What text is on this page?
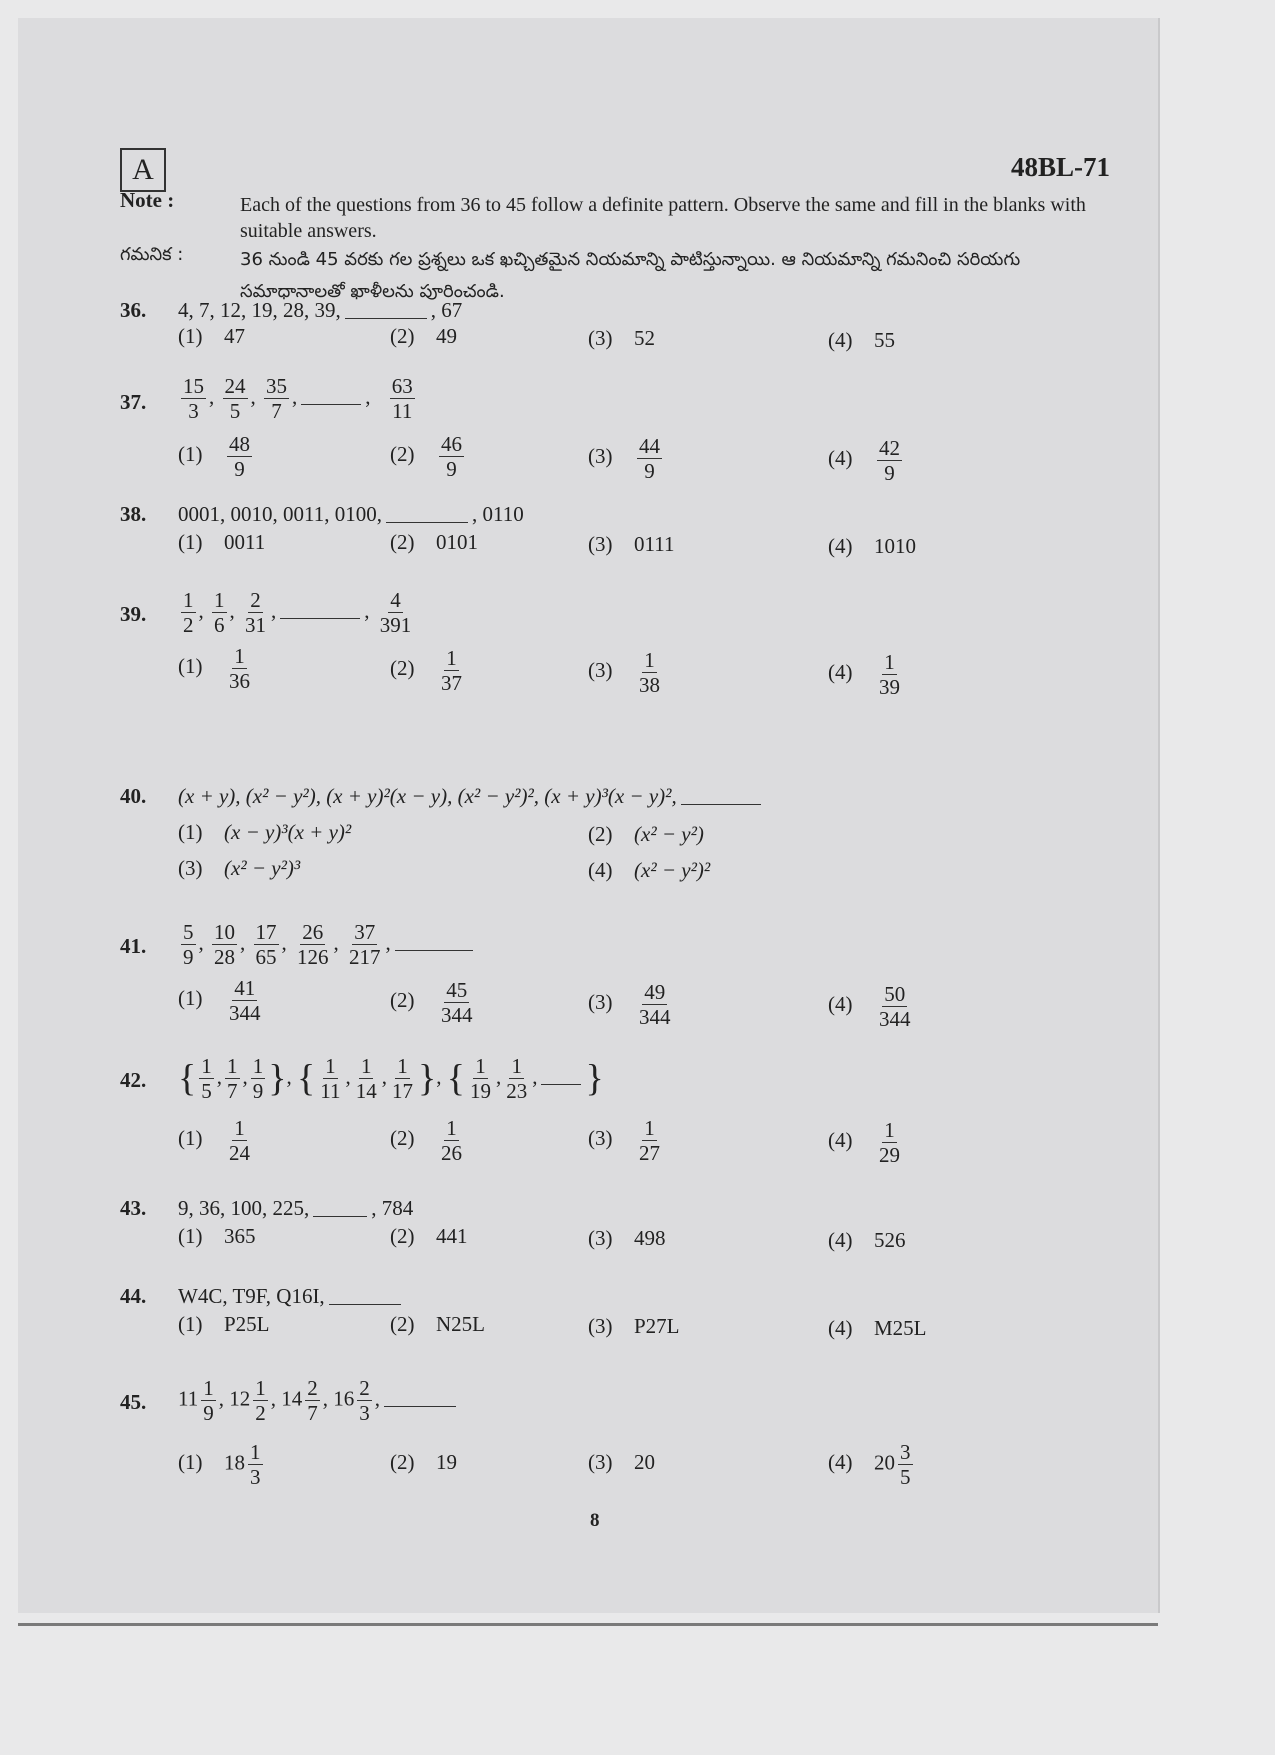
A	48BL-71
Note :	Each of the questions from 36 to 45 follow a definite pattern. Observe the same and fill in the blanks with suitable answers.
గమనిక :	36 నుండి 45 వరకు గల ప్రశ్నలు ఒక ఖచ్చితమైన నియమాన్ని పాటిస్తున్నాయి. ఆ నియమాన్ని గమనించి సరియగు సమాధానాలతో ఖాళీలను పూరించండి.
36. 4, 7, 12, 19, 28, 39,	, 67
(1) 47	(2) 49	(3) 52	(4) 55
37. $\frac{15}{3}$ , $\frac{24}{5}$ , $\frac{35}{7}$ ,	, $\frac{63}{11}$
$(1) \frac{48}{9}$	$(2) \frac{46}{9}$	$(3) \frac{44}{9}$	$(4) \frac{42}{9}$
38. 0001, 0010, 0011, 0100,	, 0110
(1) 0011	(2) 0101	(3) 0111	(4) 1010
39. $\frac{1}{2}$ , $\frac{1}{6}$ , $\frac{2}{31}$ ,	, $\frac{4}{391}$
$(1) \frac{1}{36}$	$(2) \frac{1}{37}$	$(3) \frac{1}{38}$	$(4) \frac{1}{39}$
40. (x + y), (x² − y²), (x + y)²(x − y), (x² − y²)², (x + y)³(x − y)²,
(1) (x − y)³(x + y)²	(2) (x² − y²)
(3) (x² − y²)³	(4) (x² − y²)²
41. $\frac{5}{9}$ , $\frac{10}{28}$ , $\frac{17}{65}$ , $\frac{26}{126}$ , $\frac{37}{217}$ ,
$(1) \frac{41}{344}$	$(2) \frac{45}{344}$	$(3) \frac{49}{344}$	$(4) \frac{50}{344}$
42. { $\frac{1}{5}$ , $\frac{1}{7}$ , $\frac{1}{9}$ }, { $\frac{1}{11}$ , $\frac{1}{14}$ , $\frac{1}{17}$ }, { $\frac{1}{19}$ , $\frac{1}{23}$ , }
$(1) \frac{1}{24}$	$(2) \frac{1}{26}$	$(3) \frac{1}{27}$	$(4) \frac{1}{29}$
43. 9, 36, 100, 225,	, 784
(1) 365	(2) 441	(3) 498	(4) 526
44. W4C, T9F, Q16I,
(1) P25L	(2) N25L	(3) P27L	(4) M25L
45. $11 \frac{1}{9}$ , $12 \frac{1}{2}$ , $14 \frac{2}{7}$ , $16 \frac{2}{3}$ ,
(1) $18 \frac{1}{3}$	(2) 19	(3) 20	(4) $20 \frac{3}{5}$
8
